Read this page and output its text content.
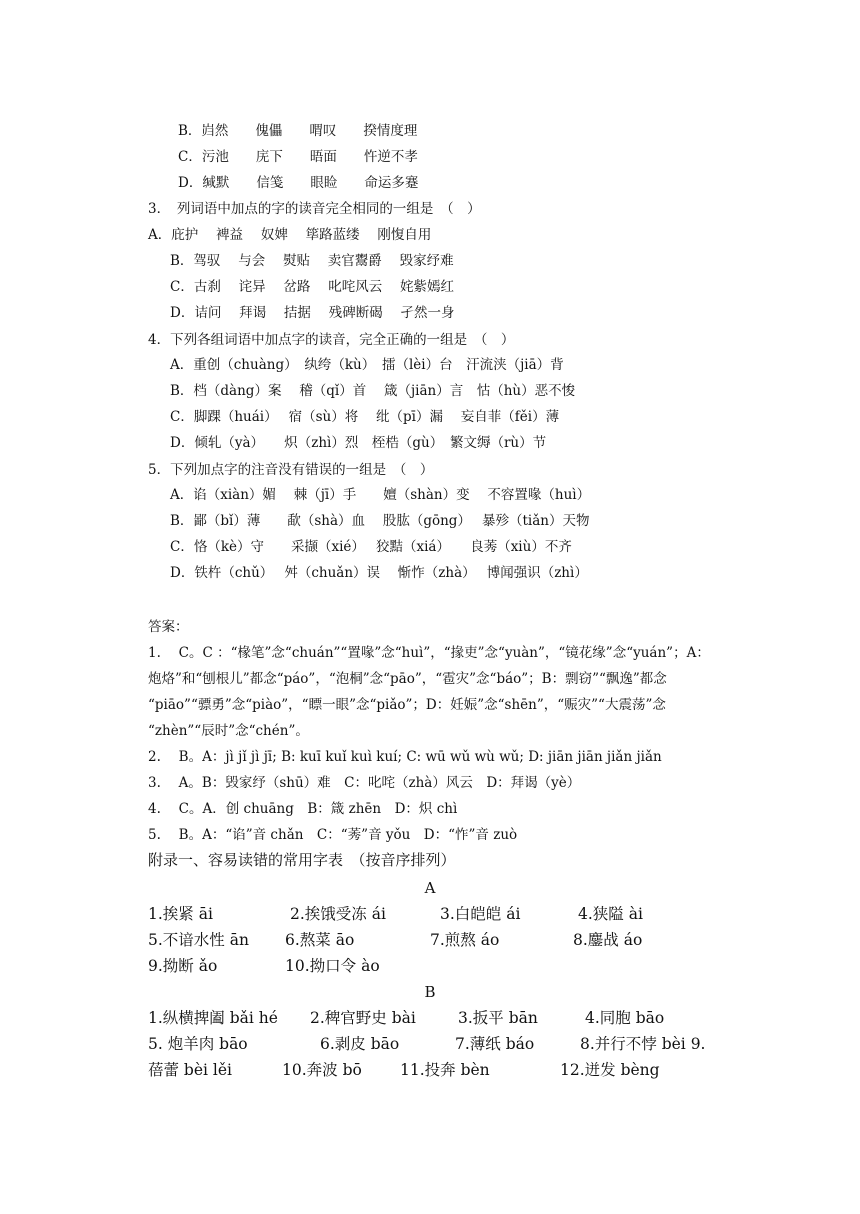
B．岿然　　傀儡　　喟叹　　揆情度理
C．污池　　庑下　　晤面　　忤逆不孝
D．缄默　　信笺　　眼睑　　命运多蹇
3．　列词语中加点的字的读音完全相同的一组是　（　）
A．庇护　 裨益　 奴婢　 筚路蓝缕　 刚愎自用
B．驾驭　 与会　 熨贴　 卖官鬻爵　 毁家纾难
C．古刹　 诧异　 岔路　 叱咤风云　 姹紫嫣红
D．诘问　 拜谒　 拮据　 残碑断碣　 孑然一身
4．下列各组词语中加点字的读音，完全正确的一组是　（　）
A．重创（chuàng）　纨绔（kù）　擂（lèi）台　汗流浃（jiā）背
B．档（dàng）案　 稽（qǐ）首　 箴（jiān）言　怙（hù）恶不悛
C．脚踝（huái）　 宿（sù）将　 纰（pī）漏　 妄自菲（fěi）薄
D．倾轧（yà）　　炽（zhì）烈　桎梏（gù）　繁文缛（rù）节
5．下列加点字的注音没有错误的一组是　（　）
A．谄（xiàn）媚　 棘（jī）手　　嬗（shàn）变　 不容置喙（huì）
B．鄙（bǐ）薄　　歃（shà）血　 股肱（gōng）　 暴殄（tiǎn）天物
C．恪（kè）守　　采撷（xié）　 狡黠（xiá）　　良莠（xiù）不齐
D．铁杵（chǔ）　 舛（chuǎn）误　 惭怍（zhà）　 博闻强识（zhì）
答案：
1.　 C。C ：“椽笔”念“chuán”“置喙”念“huì”，“掾吏”念“yuàn”，“镜花缘”念“yuán”；A：
炮烙”和“刨根儿”都念“páo”，“泡桐”念“pāo”，“雹灾”念“báo”；B：剽窃”“飘逸”都念
“piāo”“骠勇”念“piào”，“瞟一眼”念“piǎo”；D：妊娠”念“shēn”，“赈灾”“大震荡”念
“zhèn”“辰时”念“chén”。
2.　 B。A：jì jǐ jì jī; B: kuī kuǐ kuì kuí; C: wū wǔ wù wǔ; D: jiān jiān jiǎn jiǎn
3.　 A。B：毁家纾（shū）难　C：叱咤（zhà）风云　D：拜谒（yè）
4.　 C。A．创 chuāng　B：箴 zhēn　D：炽 chì
5.　 B。A：“谄”音 chǎn　C：“莠”音 yǒu　D：“怍”音 zuò
附录一、容易读错的常用字表　（按音序排列）
A
1.挨紧 āi	2.挨饿受冻 ái	3.白皑皑 ái	4.狭隘 ài
5.不谙水性 ān 6.熬菜 āo	7.煎熬 áo	8.鏖战 áo
9.拗断 ǎo	10.拗口令 ào
B
1.纵横捭阖 bǎi hé 2.稗官野史 bài	3.扳平 bān	4.同胞 bāo
5. 炮羊肉 bāo	6.剥皮 bāo	7.薄纸 báo	8.并行不悖 bèi 9.
蓓蕾 bèi lěi	10.奔波 bō 11.投奔 bèn	12.迸发 bèng
